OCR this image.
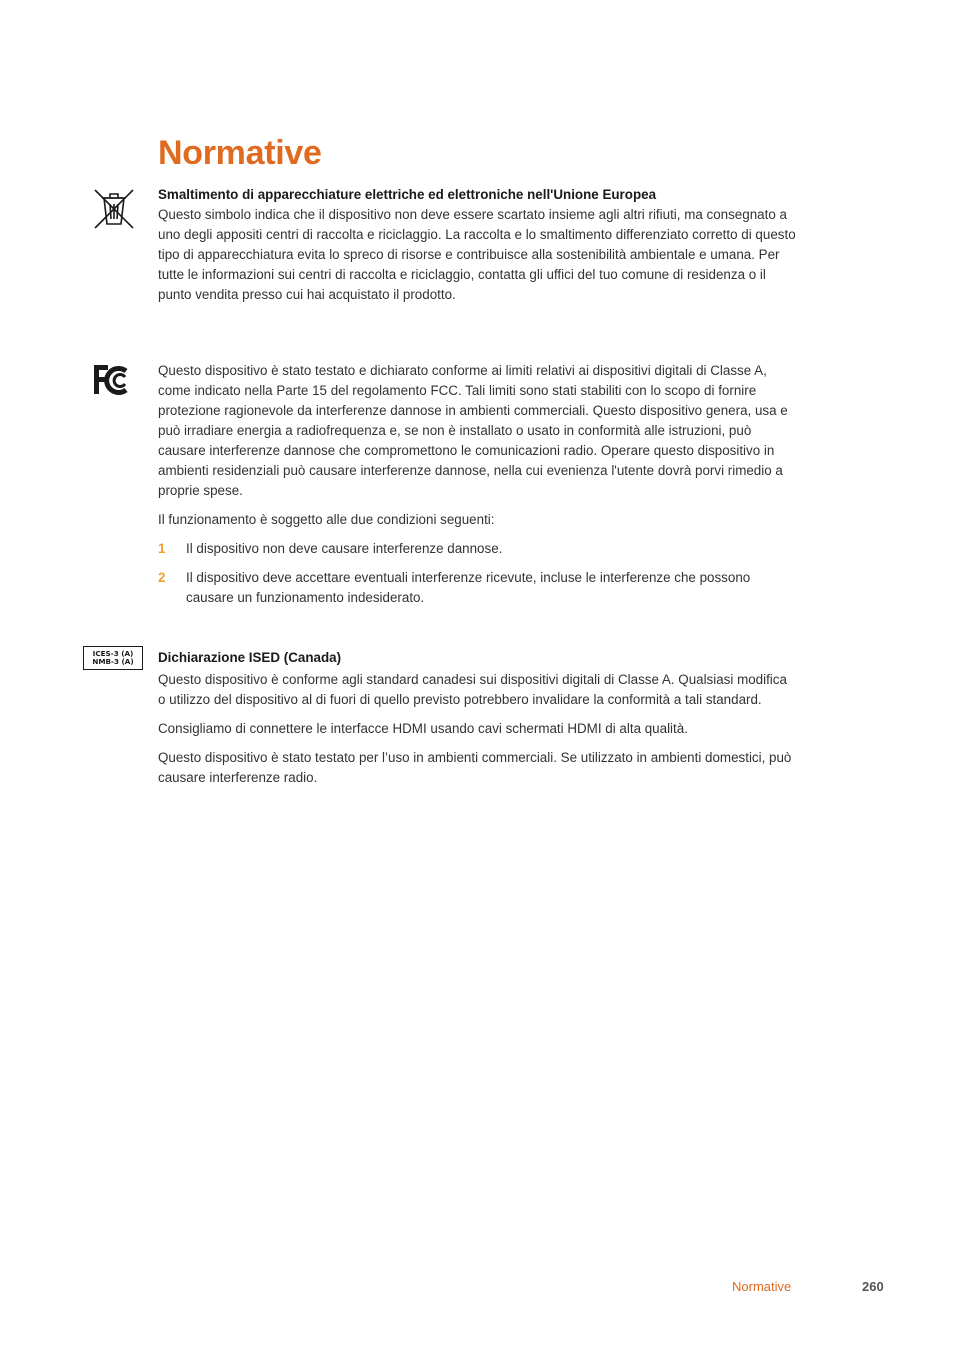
Normative

Smaltimento di apparecchiature elettriche ed elettroniche nell'Unione Europea

Questo simbolo indica che il dispositivo non deve essere scartato insieme agli altri rifiuti, ma consegnato a uno degli appositi centri di raccolta e riciclaggio. La raccolta e lo smaltimento differenziato corretto di questo tipo di apparecchiatura evita lo spreco di risorse e contribuisce alla sostenibilità ambientale e umana. Per tutte le informazioni sui centri di raccolta e riciclaggio, contatta gli uffici del tuo comune di residenza o il punto vendita presso cui hai acquistato il prodotto.

Questo dispositivo è stato testato e dichiarato conforme ai limiti relativi ai dispositivi digitali di Classe A, come indicato nella Parte 15 del regolamento FCC. Tali limiti sono stati stabiliti con lo scopo di fornire protezione ragionevole da interferenze dannose in ambienti commerciali. Questo dispositivo genera, usa e può irradiare energia a radiofrequenza e, se non è installato o usato in conformità alle istruzioni, può causare interferenze dannose che compromettono le comunicazioni radio. Operare questo dispositivo in ambienti residenziali può causare interferenze dannose, nella cui evenienza l'utente dovrà porvi rimedio a proprie spese.

Il funzionamento è soggetto alle due condizioni seguenti:

1	Il dispositivo non deve causare interferenze dannose.
2	Il dispositivo deve accettare eventuali interferenze ricevute, incluse le interferenze che possono causare un funzionamento indesiderato.
ICES-3 (A)
NMB-3 (A) Dichiarazione ISED (Canada)

Questo dispositivo è conforme agli standard canadesi sui dispositivi digitali di Classe A. Qualsiasi modifica o utilizzo del dispositivo al di fuori di quello previsto potrebbero invalidare la conformità a tali standard.

Consigliamo di connettere le interfacce HDMI usando cavi schermati HDMI di alta qualità.

Questo dispositivo è stato testato per l’uso in ambienti commerciali. Se utilizzato in ambienti domestici, può causare interferenze radio.

Normative	260
